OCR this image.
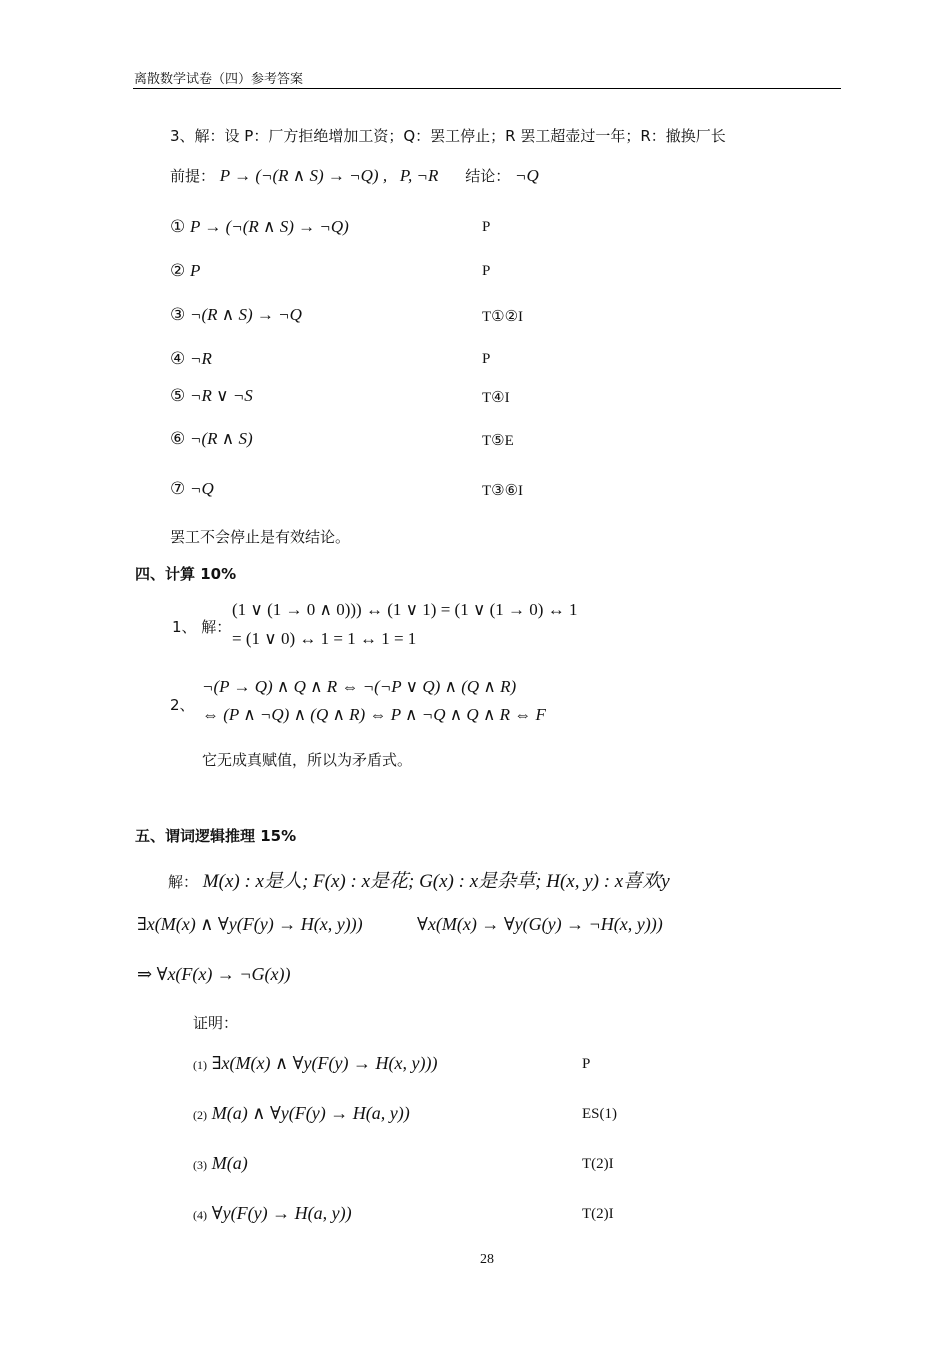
离散数学试卷（四）参考答案
3、解：设 P：厂方拒绝增加工资；Q：罢工停止；R 罢工超壶过一年；R：撤换厂长
前提： P → (¬(R ∧ S) → ¬Q) , P, ¬R 结论： ¬Q
① P → (¬(R ∧ S) → ¬Q)	P
② P	P
③ ¬(R ∧ S) → ¬Q	T①②I
④ ¬R	P
⑤ ¬R ∨ ¬S	T④I
⑥ ¬(R ∧ S)	T⑤E
⑦ ¬Q	T③⑥I
罢工不会停止是有效结论。
四、计算 10%
1、 解：
(1 ∨ (1 → 0 ∧ 0))) ↔ (1 ∨ 1) = (1 ∨ (1 → 0) ↔ 1
= (1 ∨ 0) ↔ 1 = 1 ↔ 1 = 1
2、
¬(P → Q) ∧ Q ∧ R ⇔ ¬(¬P ∨ Q) ∧ (Q ∧ R)
⇔ (P ∧ ¬Q) ∧ (Q ∧ R) ⇔ P ∧ ¬Q ∧ Q ∧ R ⇔ F
它无成真赋值，所以为矛盾式。
五、谓词逻辑推理 15%
解： M(x) : x是人; F(x) : x是花; G(x) : x是杂草; H(x, y) : x喜欢y
∃x(M(x) ∧ ∀y(F(y) → H(x, y)))	∀x(M(x) → ∀y(G(y) → ¬H(x, y)))
⇒ ∀x(F(x) → ¬G(x))
证明：
(1) ∃x(M(x) ∧ ∀y(F(y) → H(x, y)))	P
(2) M(a) ∧ ∀y(F(y) → H(a, y))	ES(1)
(3) M(a)	T(2)I
(4) ∀y(F(y) → H(a, y))	T(2)I
28
